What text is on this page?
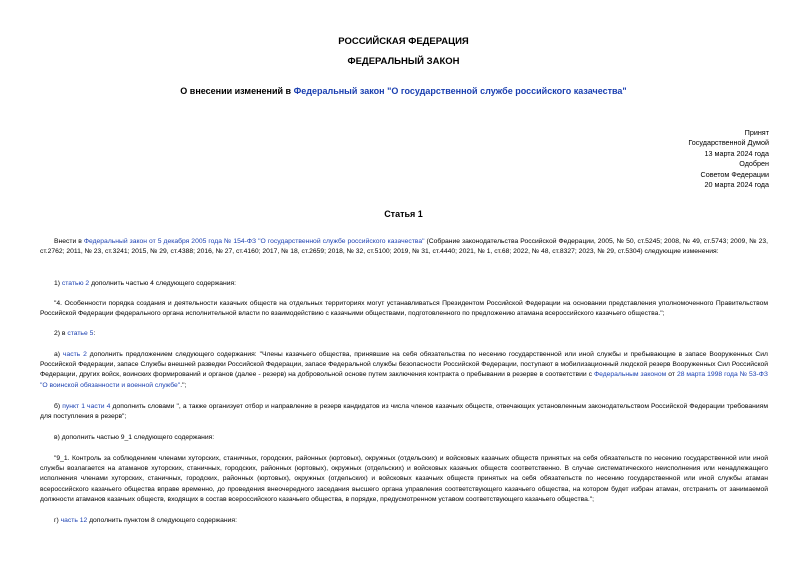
РОССИЙСКАЯ ФЕДЕРАЦИЯ
ФЕДЕРАЛЬНЫЙ ЗАКОН
О внесении изменений в Федеральный закон "О государственной службе российского казачества"
Принят
Государственной Думой
13 марта 2024 года
Одобрен
Советом Федерации
20 марта 2024 года
Статья 1
Внести в Федеральный закон от 5 декабря 2005 года № 154-ФЗ "О государственной службе российского казачества" (Собрание законодательства Российской Федерации, 2005, № 50, ст.5245; 2008, № 49, ст.5743; 2009, № 23, ст.2762; 2011, № 23, ст.3241; 2015, № 29, ст.4388; 2016, № 27, ст.4160; 2017, № 18, ст.2659; 2018, № 32, ст.5100; 2019, № 31, ст.4440; 2021, № 1, ст.68; 2022, № 48, ст.8327; 2023, № 29, ст.5304) следующие изменения:
1) статью 2 дополнить частью 4 следующего содержания:
"4. Особенности порядка создания и деятельности казачьих обществ на отдельных территориях могут устанавливаться Президентом Российской Федерации на основании представления уполномоченного Правительством Российской Федерации федерального органа исполнительной власти по взаимодействию с казачьими обществами, подготовленного по предложению атамана всероссийского казачьего общества.";
2) в статье 5:
а) часть 2 дополнить предложением следующего содержания: "Члены казачьего общества, принявшие на себя обязательства по несению государственной или иной службы и пребывающие в запасе Вооруженных Сил Российской Федерации, запасе Службы внешней разведки Российской Федерации, запасе Федеральной службы безопасности Российской Федерации, поступают в мобилизационный людской резерв Вооруженных Сил Российской Федерации, других войск, воинских формирований и органов (далее - резерв) на добровольной основе путем заключения контракта о пребывании в резерве в соответствии с Федеральным законом от 28 марта 1998 года № 53-ФЗ "О воинской обязанности и военной службе".";
б) пункт 1 части 4 дополнить словами ", а также организует отбор и направление в резерв кандидатов из числа членов казачьих обществ, отвечающих установленным законодательством Российской Федерации требованиям для поступления в резерв";
в) дополнить частью 9_1 следующего содержания:
"9_1. Контроль за соблюдением членами хуторских, станичных, городских, районных (юртовых), окружных (отдельских) и войсковых казачьих обществ принятых на себя обязательств по несению государственной или иной службы возлагается на атаманов хуторских, станичных, городских, районных (юртовых), окружных (отдельских) и войсковых казачьих обществ соответственно. В случае систематического неисполнения или ненадлежащего исполнения членами хуторских, станичных, городских, районных (юртовых), окружных (отдельских) и войсковых казачьих обществ принятых на себя обязательств по несению государственной или иной службы атаман всероссийского казачьего общества вправе временно, до проведения внеочередного заседания высшего органа управления соответствующего казачьего общества, на котором будет избран атаман, отстранить от занимаемой должности атаманов казачьих обществ, входящих в состав всероссийского казачьего общества, в порядке, предусмотренном уставом соответствующего казачьего общества.";
г) часть 12 дополнить пунктом 8 следующего содержания:
